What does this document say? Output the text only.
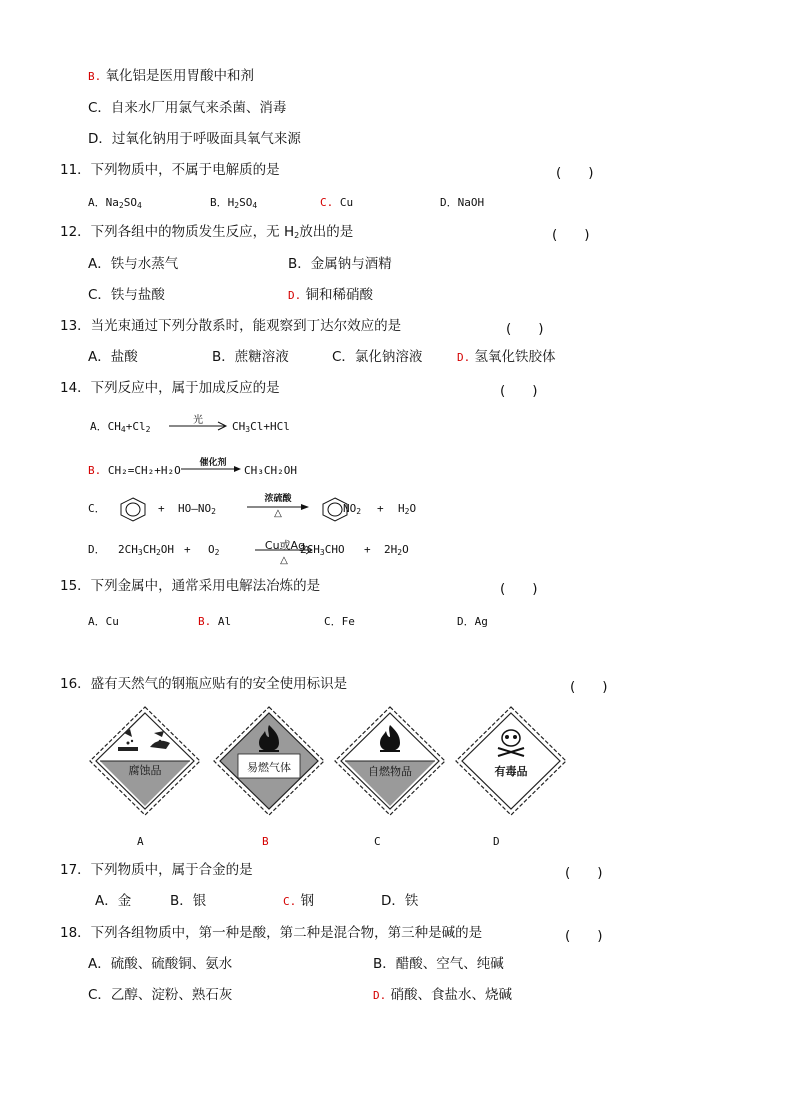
B. 氧化铝是医用胃酸中和剂
C．自来水厂用氯气来杀菌、消毒
D．过氧化钠用于呼吸面具氧气来源
11．下列物质中，不属于电解质的是	(　　)
A．$Na_2SO_4$	B．$H_2SO_4$	C. Cu	D．NaOH
12．下列各组中的物质发生反应，无 $H_2$放出的是	(　　)
A．铁与水蒸气	B．金属钠与酒精
C．铁与盐酸	D. 铜和稀硝酸
13．当光束通过下列分散系时，能观察到丁达尔效应的是	(　　)
A．盐酸	B．蔗糖溶液	C．氯化钠溶液	D. 氢氧化铁胶体
14．下列反应中，属于加成反应的是	(　　)
A．$CH_4+Cl_2$
光	$CH_3Cl+HCl$
B. CH₂=CH₂+H₂O
催化剂
CH₃CH₂OH
C．	+ $HO—NO_2$
浓硫酸
△	$NO_2 + H_2O$
D． $2CH_3CH_2OH + O_2$
Cu或Ag
△
$2CH_3CHO + 2H_2O$
15．下列金属中，通常采用电解法冶炼的是	(　　)
A．Cu	B. Al	C．Fe	D．Ag
16．盛有天然气的钢瓶应贴有的安全使用标识是	(　　)
腐蚀品	易燃气体	自燃物品	有毒品
A	B	C	D
17．下列物质中，属于合金的是	(　　)
A．金	B．银	C. 钢	D．铁
18．下列各组物质中，第一种是酸，第二种是混合物，第三种是碱的是	(　　)
A．硫酸、硫酸铜、氨水	B．醋酸、空气、纯碱
C．乙醇、淀粉、熟石灰	D. 硝酸、食盐水、烧碱
